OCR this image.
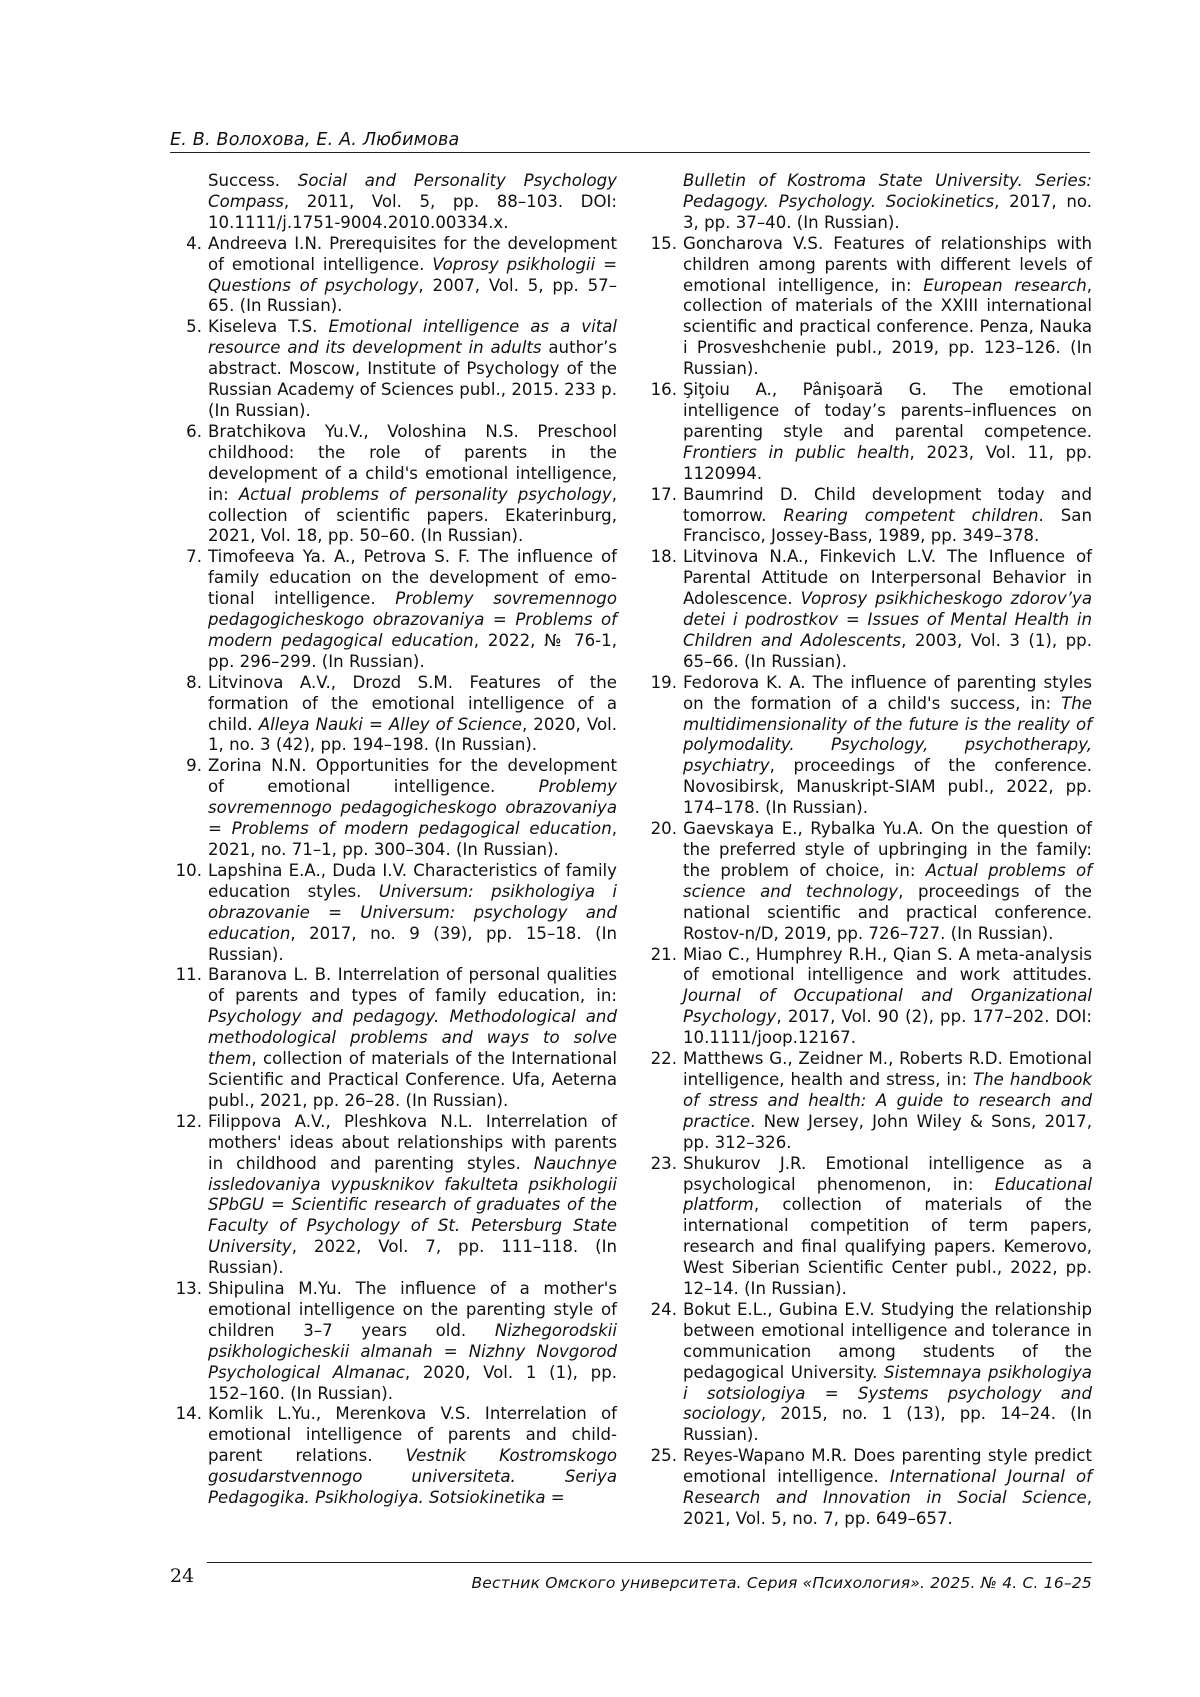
Е. В. Волохова, Е. А. Любимова
Success. Social and Personality Psychology Compass, 2011, Vol. 5, pp. 88–103. DOI: 10.1111/j.1751-9004.2010.00334.x.
4. Andreeva I.N. Prerequisites for the development of emotional intelligence. Voprosy psikhologii = Questions of psychology, 2007, Vol. 5, pp. 57–65. (In Russian).
5. Kiseleva T.S. Emotional intelligence as a vital resource and its development in adults author’s abstract. Moscow, Institute of Psychology of the Russian Academy of Sciences publ., 2015. 233 p. (In Russian).
6. Bratchikova Yu.V., Voloshina N.S. Preschool childhood: the role of parents in the development of a child's emotional intelligence, in: Actual problems of personality psychology, collection of scientific papers. Ekaterinburg, 2021, Vol. 18, pp. 50–60. (In Russian).
7. Timofeeva Ya. A., Petrova S. F. The influence of family education on the development of emo-tional intelligence. Problemy sovremennogo pedagogicheskogo obrazovaniya = Problems of modern pedagogical education, 2022, № 76-1, pp. 296–299. (In Russian).
8. Litvinova A.V., Drozd S.M. Features of the formation of the emotional intelligence of a child. Alleya Nauki = Alley of Science, 2020, Vol. 1, no. 3 (42), pp. 194–198. (In Russian).
9. Zorina N.N. Opportunities for the development of emotional intelligence. Problemy sovremennogo pedagogicheskogo obrazovaniya = Problems of modern pedagogical education, 2021, no. 71–1, pp. 300–304. (In Russian).
10. Lapshina E.A., Duda I.V. Characteristics of family education styles. Universum: psikhologiya i obrazovanie = Universum: psychology and education, 2017, no. 9 (39), pp. 15–18. (In Russian).
11. Baranova L. B. Interrelation of personal qualities of parents and types of family education, in: Psychology and pedagogy. Methodological and methodological problems and ways to solve them, collection of materials of the International Scientific and Practical Conference. Ufa, Aeterna publ., 2021, pp. 26–28. (In Russian).
12. Filippova A.V., Pleshkova N.L. Interrelation of mothers' ideas about relationships with parents in childhood and parenting styles. Nauchnye issledovaniya vypusknikov fakulteta psikhologii SPbGU = Scientific research of graduates of the Faculty of Psychology of St. Petersburg State University, 2022, Vol. 7, pp. 111–118. (In Russian).
13. Shipulina M.Yu. The influence of a mother's emotional intelligence on the parenting style of children 3–7 years old. Nizhegorodskii psikhologicheskii almanah = Nizhny Novgorod Psychological Almanac, 2020, Vol. 1 (1), pp. 152–160. (In Russian).
14. Komlik L.Yu., Merenkova V.S. Interrelation of emotional intelligence of parents and child-parent relations. Vestnik Kostromskogo gosudarstvennogo universiteta. Seriya Pedagogika. Psikhologiya. Sotsiokinetika =
Bulletin of Kostroma State University. Series: Pedagogy. Psychology. Sociokinetics, 2017, no. 3, pp. 37–40. (In Russian).
15. Goncharova V.S. Features of relationships with children among parents with different levels of emotional intelligence, in: European research, collection of materials of the XXIII international scientific and practical conference. Penza, Nauka i Prosveshchenie publ., 2019, pp. 123–126. (In Russian).
16. Şiţoiu A., Pânişoară G. The emotional intelligence of today’s parents–influences on parenting style and parental competence. Frontiers in public health, 2023, Vol. 11, pp. 1120994.
17. Baumrind D. Child development today and tomorrow. Rearing competent children. San Francisco, Jossey-Bass, 1989, pp. 349–378.
18. Litvinova N.A., Finkevich L.V. The Influence of Parental Attitude on Interpersonal Behavior in Adolescence. Voprosy psikhicheskogo zdorov’ya detei i podrostkov = Issues of Mental Health in Children and Adolescents, 2003, Vol. 3 (1), pp. 65–66. (In Russian).
19. Fedorova K. A. The influence of parenting styles on the formation of a child's success, in: The multidimensionality of the future is the reality of polymodality. Psychology, psychotherapy, psychiatry, proceedings of the conference. Novosibirsk, Manuskript-SIAM publ., 2022, pp. 174–178. (In Russian).
20. Gaevskaya E., Rybalka Yu.A. On the question of the preferred style of upbringing in the family: the problem of choice, in: Actual problems of science and technology, proceedings of the national scientific and practical conference. Rostov-n/D, 2019, pp. 726–727. (In Russian).
21. Miao C., Humphrey R.H., Qian S. A meta-analysis of emotional intelligence and work attitudes. Journal of Occupational and Organizational Psychology, 2017, Vol. 90 (2), pp. 177–202. DOI: 10.1111/joop.12167.
22. Matthews G., Zeidner M., Roberts R.D. Emotional intelligence, health and stress, in: The handbook of stress and health: A guide to research and practice. New Jersey, John Wiley & Sons, 2017, pp. 312–326.
23. Shukurov J.R. Emotional intelligence as a psychological phenomenon, in: Educational platform, collection of materials of the international competition of term papers, research and final qualifying papers. Kemerovo, West Siberian Scientific Center publ., 2022, pp. 12–14. (In Russian).
24. Bokut E.L., Gubina E.V. Studying the relationship between emotional intelligence and tolerance in communication among students of the pedagogical University. Sistemnaya psikhologiya i sotsiologiya = Systems psychology and sociology, 2015, no. 1 (13), pp. 14–24. (In Russian).
25. Reyes-Wapano M.R. Does parenting style predict emotional intelligence. International Journal of Research and Innovation in Social Science, 2021, Vol. 5, no. 7, pp. 649–657.
24	Вестник Омского университета. Серия «Психология». 2025. № 4. С. 16–25
